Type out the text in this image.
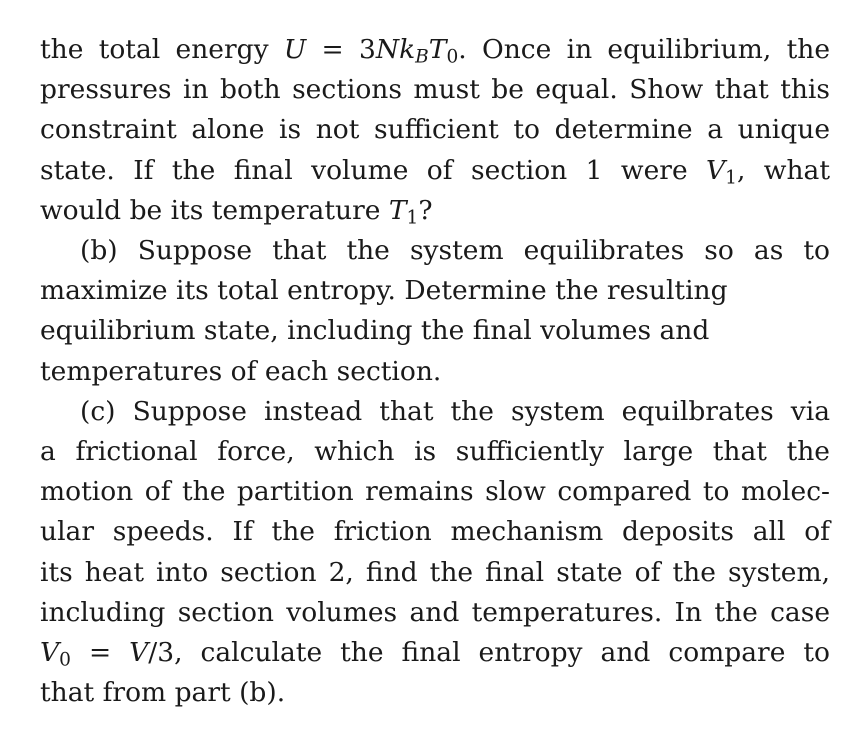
the total energy $U = 3Nk_BT_0$. Once in equilibrium, the
pressures in both sections must be equal. Show that this
constraint alone is not sufficient to determine a unique
state. If the final volume of section 1 were $V_1$, what
would be its temperature $T_1$?

(b) Suppose that the system equilibrates so as to
maximize its total entropy. Determine the resulting
equilibrium state, including the final volumes and
temperatures of each section.

(c) Suppose instead that the system equilbrates via
a frictional force, which is sufficiently large that the
motion of the partition remains slow compared to molec-
ular speeds. If the friction mechanism deposits all of
its heat into section 2, find the final state of the system,
including section volumes and temperatures. In the case
$V_0 = V/3$, calculate the final entropy and compare to
that from part (b).
